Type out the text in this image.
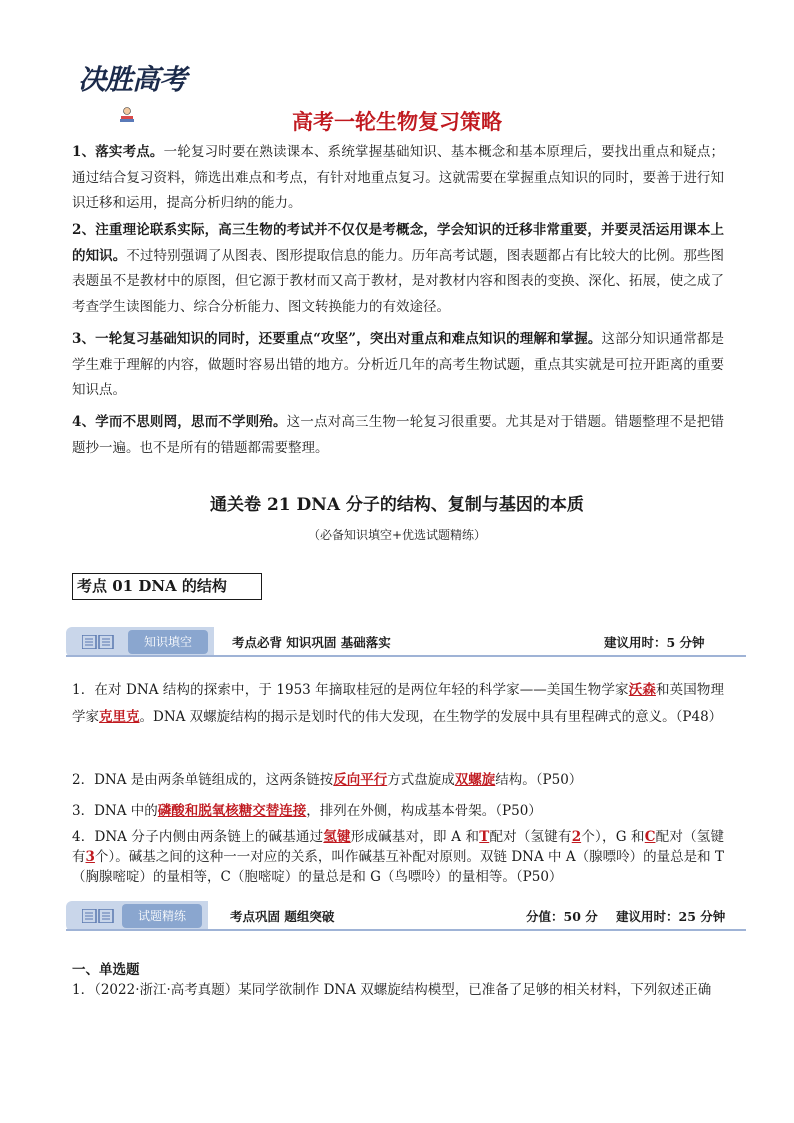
决胜高考
高考一轮生物复习策略

1、落实考点。一轮复习时要在熟读课本、系统掌握基础知识、基本概念和基本原理后，要找出重点和疑点；通过结合复习资料，筛选出难点和考点，有针对地重点复习。这就需要在掌握重点知识的同时，要善于进行知识迁移和运用，提高分析归纳的能力。

2、注重理论联系实际，高三生物的考试并不仅仅是考概念，学会知识的迁移非常重要，并要灵活运用课本上的知识。不过特别强调了从图表、图形提取信息的能力。历年高考试题，图表题都占有比较大的比例。那些图表题虽不是教材中的原图，但它源于教材而又高于教材，是对教材内容和图表的变换、深化、拓展，使之成了考查学生读图能力、综合分析能力、图文转换能力的有效途径。

3、一轮复习基础知识的同时，还要重点“攻坚”，突出对重点和难点知识的理解和掌握。这部分知识通常都是学生难于理解的内容，做题时容易出错的地方。分析近几年的高考生物试题，重点其实就是可拉开距离的重要知识点。

4、学而不思则罔，思而不学则殆。这一点对高三生物一轮复习很重要。尤其是对于错题。错题整理不是把错题抄一遍。也不是所有的错题都需要整理。

通关卷 21 DNA 分子的结构、复制与基因的本质
（必备知识填空+优选试题精练）
考点 01 DNA 的结构
知识填空	考点必背 知识巩固 基础落实	建议用时：5 分钟

1．在对 DNA 结构的探索中，于 1953 年摘取桂冠的是两位年轻的科学家——美国生物学家沃森和英国物理学家克里克。DNA 双螺旋结构的揭示是划时代的伟大发现，在生物学的发展中具有里程碑式的意义。（P48）

2．DNA 是由两条单链组成的，这两条链按反向平行方式盘旋成双螺旋结构。（P50）

3．DNA 中的磷酸和脱氧核糖交替连接，排列在外侧，构成基本骨架。（P50）

4．DNA 分子内侧由两条链上的碱基通过氢键形成碱基对，即 A 和T配对（氢键有2个），G 和C配对（氢键有3个）。碱基之间的这种一一对应的关系，叫作碱基互补配对原则。双链 DNA 中 A（腺嘌呤）的量总是和 T（胸腺嘧啶）的量相等，C（胞嘧啶）的量总是和 G（鸟嘌呤）的量相等。（P50）

试题精练	考点巩固 题组突破	分值：50 分 建议用时：25 分钟
一、单选题

1．（2022·浙江·高考真题）某同学欲制作 DNA 双螺旋结构模型，已准备了足够的相关材料，下列叙述正确
